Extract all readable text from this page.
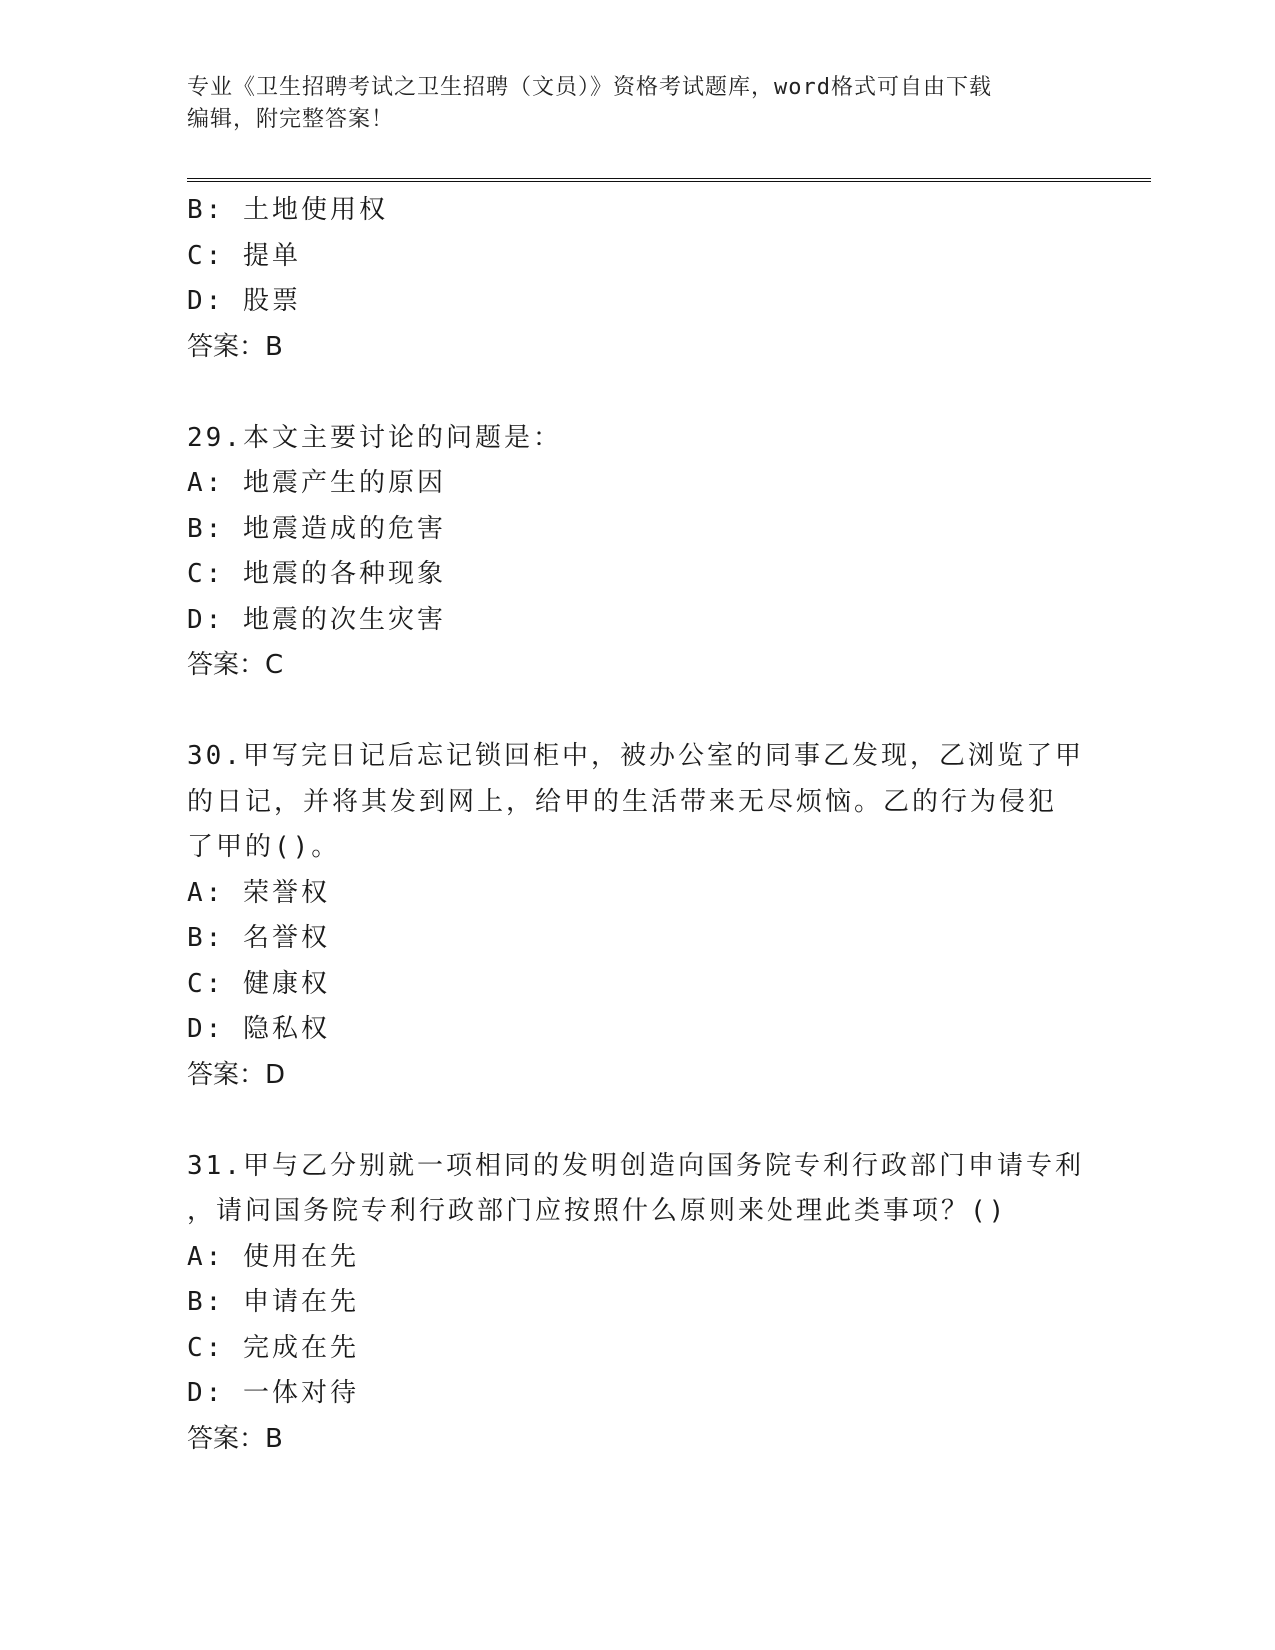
专业《卫生招聘考试之卫生招聘（文员）》资格考试题库，word格式可自由下载
编辑，附完整答案！
B: 土地使用权
C: 提单
D: 股票
答案：B
29.本文主要讨论的问题是：
A: 地震产生的原因
B: 地震造成的危害
C: 地震的各种现象
D: 地震的次生灾害
答案：C
30.甲写完日记后忘记锁回柜中，被办公室的同事乙发现，乙浏览了甲
的日记，并将其发到网上，给甲的生活带来无尽烦恼。乙的行为侵犯
了甲的()。
A: 荣誉权
B: 名誉权
C: 健康权
D: 隐私权
答案：D
31.甲与乙分别就一项相同的发明创造向国务院专利行政部门申请专利
，请问国务院专利行政部门应按照什么原则来处理此类事项？()
A: 使用在先
B: 申请在先
C: 完成在先
D: 一体对待
答案：B
